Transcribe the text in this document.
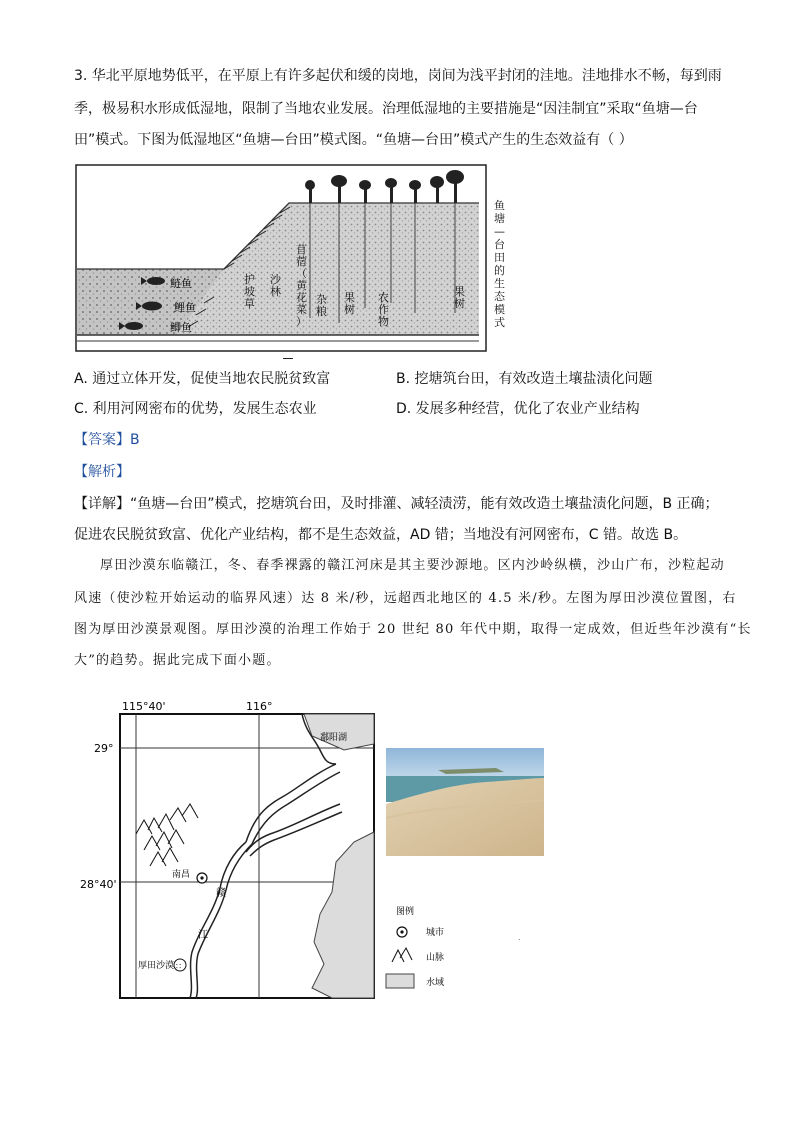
3. 华北平原地势低平，在平原上有许多起伏和缓的岗地，岗间为浅平封闭的洼地。洼地排水不畅，每到雨
季，极易积水形成低湿地，限制了当地农业发展。治理低湿地的主要措施是“因洼制宜”采取“鱼塘—台
田”模式。下图为低湿地区“鱼塘—台田”模式图。“鱼塘—台田”模式产生的生态效益有（ ）
鱼塘—台田的生态模式
鲢鱼
鲤鱼
鲫鱼
护坡草
沙林
苜蓿（黄花菜）
杂粮
果树
农作物
果树
A. 通过立体开发，促使当地农民脱贫致富	B. 挖塘筑台田，有效改造土壤盐渍化问题
C. 利用河网密布的优势，发展生态农业	D. 发展多种经营，优化了农业产业结构
【答案】B
【解析】
【详解】“鱼塘—台田”模式，挖塘筑台田，及时排灌、减轻渍涝，能有效改造土壤盐渍化问题，B 正确；
促进农民脱贫致富、优化产业结构，都不是生态效益，AD 错；当地没有河网密布，C 错。故选 B。
厚田沙漠东临赣江，冬、春季裸露的赣江河床是其主要沙源地。区内沙岭纵横，沙山广布，沙粒起动
风速（使沙粒开始运动的临界风速）达 8 米/秒，远超西北地区的 4.5 米/秒。左图为厚田沙漠位置图，右
图为厚田沙漠景观图。厚田沙漠的治理工作始于 20 世纪 80 年代中期，取得一定成效，但近些年沙漠有“长
大”的趋势。据此完成下面小题。
115°40'	116°
29°
28°40'
鄱阳湖
南昌
赣
江
∷
厚田沙漠
图例
城市
山脉
水域
.
